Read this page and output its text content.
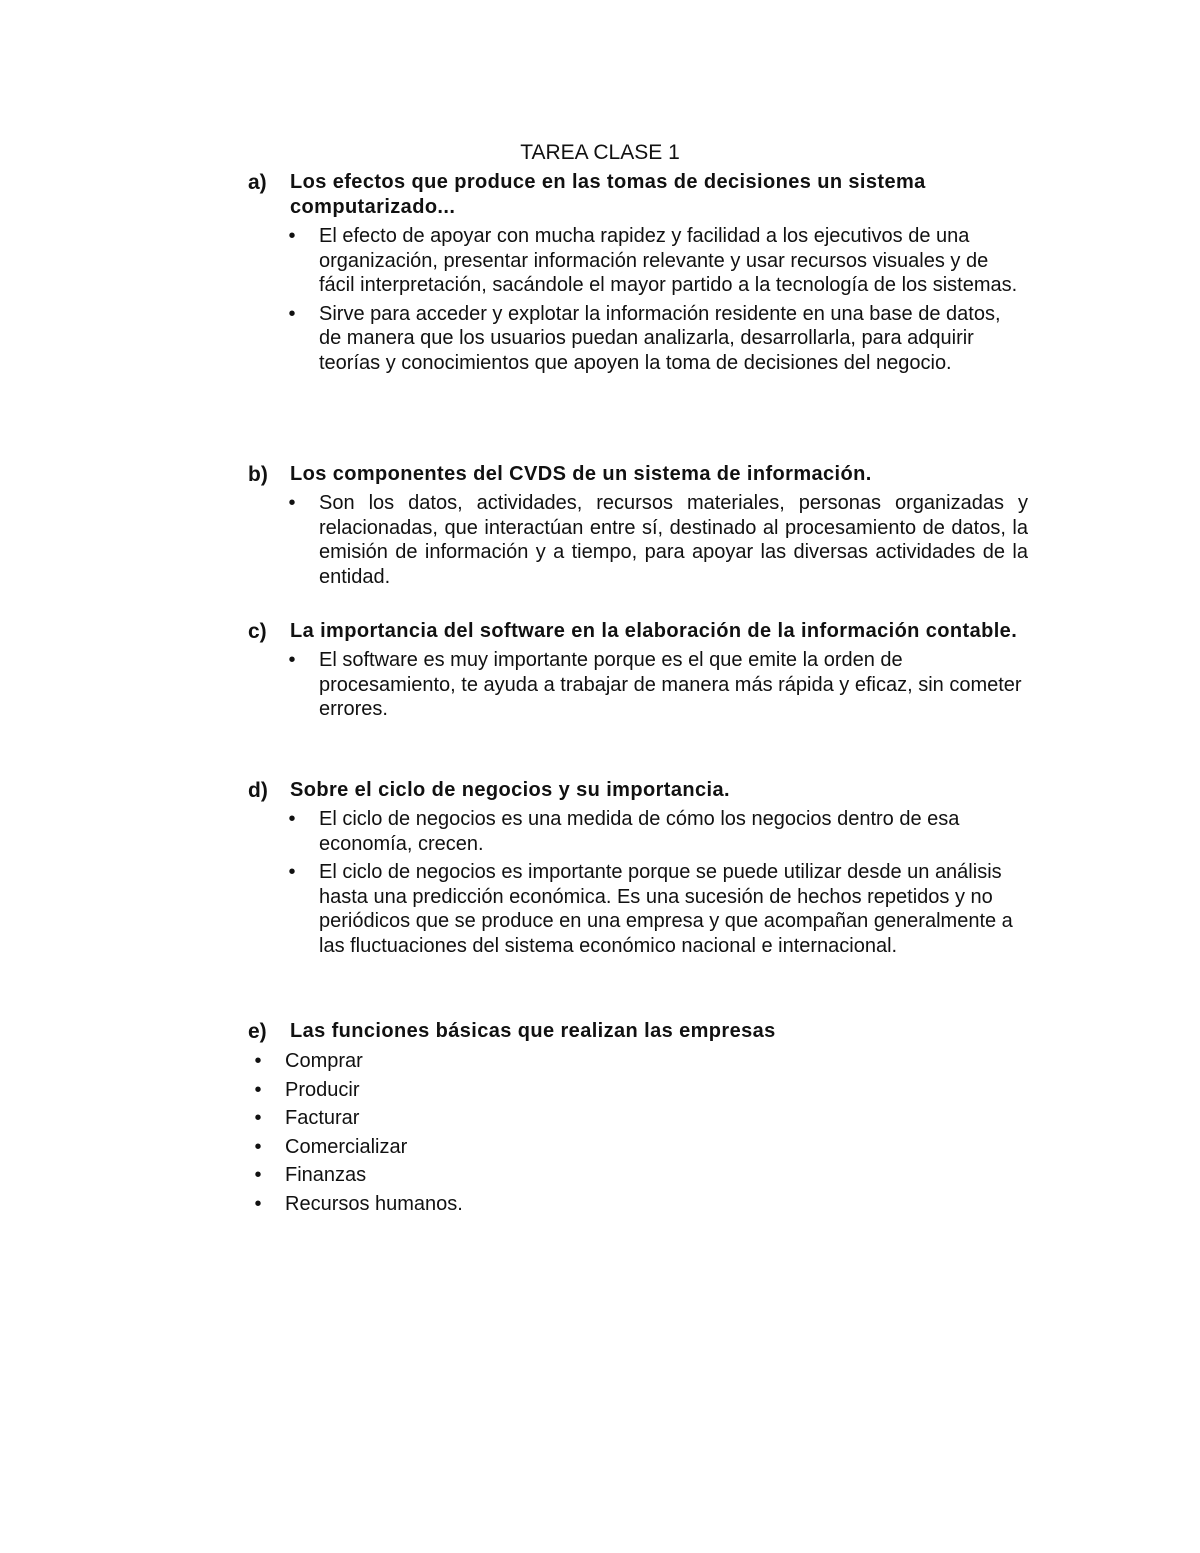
TAREA CLASE 1
a) Los efectos que produce en las tomas de decisiones un sistema computarizado...
•	El efecto de apoyar con mucha rapidez y facilidad a los ejecutivos de una organización, presentar información relevante y usar recursos visuales y de fácil interpretación, sacándole el mayor partido a la tecnología de los sistemas.
•	Sirve para acceder y explotar la información residente en una base de datos, de manera que los usuarios puedan analizarla, desarrollarla, para adquirir teorías y conocimientos que apoyen la toma de decisiones del negocio.
b) Los componentes del CVDS de un sistema de información.
•	Son los datos, actividades, recursos materiales, personas organizadas y relacionadas, que interactúan entre sí, destinado al procesamiento de datos, la emisión de información y a tiempo, para apoyar las diversas actividades de la entidad.
c) La importancia del software en la elaboración de la información contable.
•	El software es muy importante porque es el que emite la orden de procesamiento, te ayuda a trabajar de manera más rápida y eficaz, sin cometer errores.
d) Sobre el ciclo de negocios y su importancia.
•	El ciclo de negocios es una medida de cómo los negocios dentro de esa economía, crecen.
•	El ciclo de negocios es importante porque se puede utilizar desde un análisis hasta una predicción económica. Es una sucesión de hechos repetidos y no periódicos que se produce en una empresa y que acompañan generalmente a las fluctuaciones del sistema económico nacional e internacional.
e) Las funciones básicas que realizan las empresas
•	Comprar
•	Producir
•	Facturar
•	Comercializar
•	Finanzas
•	Recursos humanos.
